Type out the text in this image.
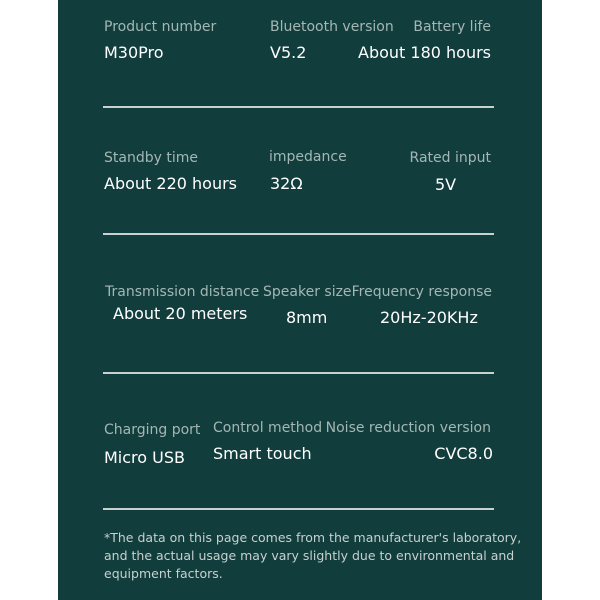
Product number
M30Pro
Bluetooth version
V5.2
Battery life
About 180 hours
Standby time
About 220 hours
impedance
32Ω
Rated input
5V
Transmission distance
About 20 meters
Speaker size
8mm
Frequency response
20Hz-20KHz
Charging port
Micro USB
Control method
Smart touch
Noise reduction version
CVC8.0
*The data on this page comes from the manufacturer's laboratory,
and the actual usage may vary slightly due to environmental and
equipment factors.
